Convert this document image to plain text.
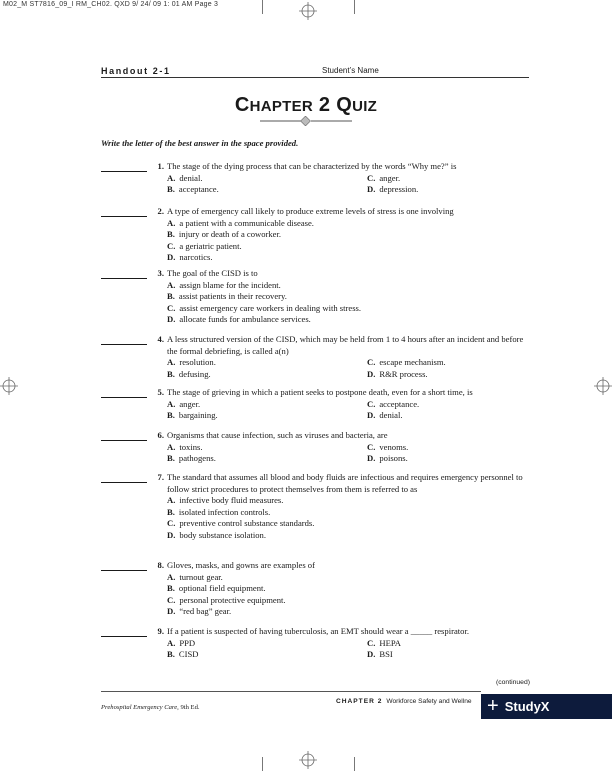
M02_M ST7816_09_I RM_CH02. QXD 9/ 24/ 09 1: 01 AM Page 3
Handout 2-1	Student’s Name
CHAPTER 2 QUIZ
Write the letter of the best answer in the space provided.
1. The stage of the dying process that can be characterized by the words “Why me?” is
A. denial.	C. anger.
B. acceptance.	D. depression.
2. A type of emergency call likely to produce extreme levels of stress is one involving
A. a patient with a communicable disease.
B. injury or death of a coworker.
C. a geriatric patient.
D. narcotics.
3. The goal of the CISD is to
A. assign blame for the incident.
B. assist patients in their recovery.
C. assist emergency care workers in dealing with stress.
D. allocate funds for ambulance services.
4. A less structured version of the CISD, which may be held from 1 to 4 hours after an incident and before the formal debriefing, is called a(n)
A. resolution.	C. escape mechanism.
B. defusing.	D. R&R process.
5. The stage of grieving in which a patient seeks to postpone death, even for a short time, is
A. anger.	C. acceptance.
B. bargaining.	D. denial.
6. Organisms that cause infection, such as viruses and bacteria, are
A. toxins.	C. venoms.
B. pathogens.	D. poisons.
7. The standard that assumes all blood and body fluids are infectious and requires emergency personnel to follow strict procedures to protect themselves from them is referred to as
A. infective body fluid measures.
B. isolated infection controls.
C. preventive control substance standards.
D. body substance isolation.
8. Gloves, masks, and gowns are examples of
A. turnout gear.
B. optional field equipment.
C. personal protective equipment.
D. “red bag” gear.
9. If a patient is suspected of having tuberculosis, an EMT should wear a _____ respirator.
A. PPD	C. HEPA
B. CISD	D. BSI
(continued)
CHAPTER 2 Workforce Safety and Wellne
Prehospital Emergency Care, 9th Ed.	+ StudyX
